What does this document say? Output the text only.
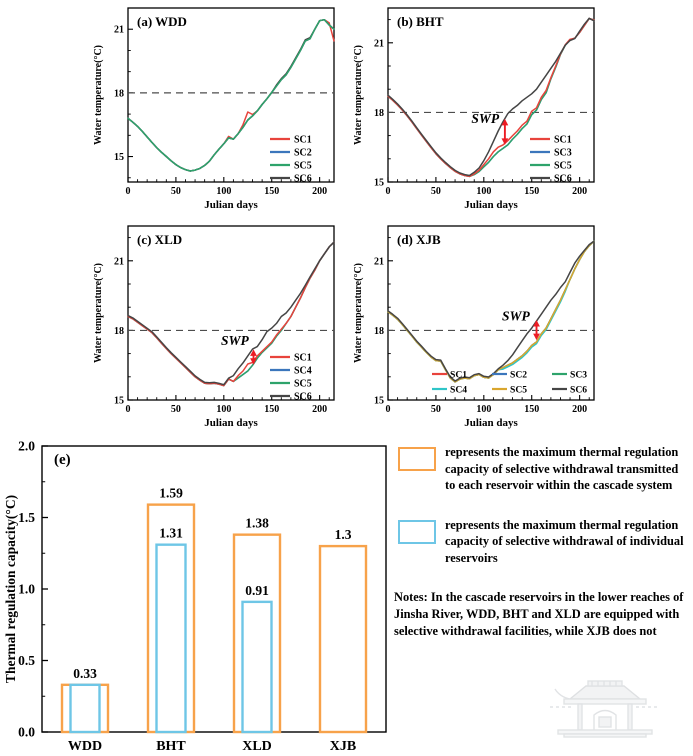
0	50	100	150	200
15
18
21
SC1
SC2
SC5
SC6
(a) WDD
Julian days
Water temperature(°C)
0	50	100	150	200
15
18
21
SWP
SC1
SC3
SC5
SC6
(b) BHT
Julian days
Water temperature(°C)
0	50	100	150	200
15
18
21
SWP
SC1
SC4
SC5
SC6
(c) XLD
Julian days
Water temperature(°C)
0	50	100	150	200
15
18
21
SWP
SC1	SC2	SC3
SC4	SC5	SC6
(d) XJB
Julian days
Water temperature(°C)
0.0
0.5
1.0
1.5
2.0
WDD
0.33
BHT
1.59
1.31
XLD
1.38
0.91
XJB
1.3
(e)
Thermal regulation capacity(°C)

represents the maximum thermal regulation capacity of selective withdrawal transmitted to each reservoir within the cascade system

represents the maximum thermal regulation capacity of selective withdrawal of individual reservoirs

Notes: In the cascade reservoirs in the lower reaches of Jinsha River, WDD, BHT and XLD are equipped with selective withdrawal facilities, while XJB does not
